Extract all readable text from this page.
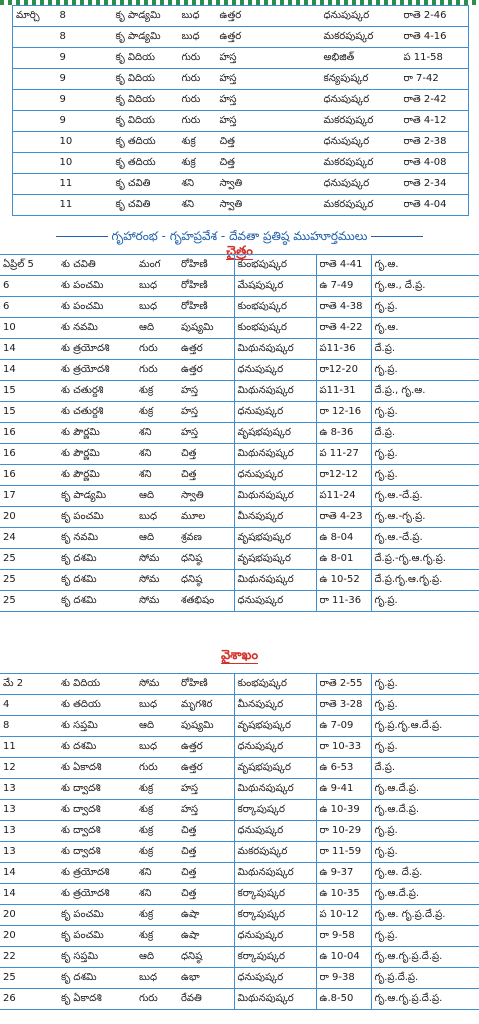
మార్చి	8	కృ పాడ్యమి	బుధ	ఉత్తర	ధనుపుష్కర	రాతె 2-46
	8	కృ పాడ్యమి	బుధ	ఉత్తర	మకరపుష్కర	రాతె 4-16
	9	కృ విదియ	గురు	హస్త	అభిజిత్	ప 11-58
	9	కృ విదియ	గురు	హస్త	కన్యపుష్కర	రా 7-42
	9	కృ విదియ	గురు	హస్త	ధనుపుష్కర	రాతె 2-42
	9	కృ విదియ	గురు	హస్త	మకరపుష్కర	రాతె 4-12
	10	కృ తదియ	శుక్ర	చిత్త	ధనుపుష్కర	రాతె 2-38
	10	కృ తదియ	శుక్ర	చిత్త	మకరపుష్కర	రాతె 4-08
	11	కృ చవితి	శని	స్వాతి	ధనుపుష్కర	రాతె 2-34
	11	కృ చవితి	శని	స్వాతి	మకరపుష్కర	రాతె 4-04
గృహారంభ - గృహప్రవేశ - దేవతా ప్రతిష్ఠ ముహూర్తములు
చైత్రం
ఏప్రిల్ 5	శు చవితి	మంగ	రోహిణి	కుంభపుష్కర	రాతె 4-41	గృ.ఆ.
6	శు పంచమి	బుధ	రోహిణి	మేషపుష్కర	ఉ 7-49	గృ.ఆ., దే.ప్ర.
6	శు పంచమి	బుధ	రోహిణి	కుంభపుష్కర	రాతె 4-38	గృ.ప్ర.
10	శు నవమి	ఆది	పుష్యమి	కుంభపుష్కర	రాతె 4-22	గృ.ఆ.
14	శు త్రయోదశి	గురు	ఉత్తర	మిథునపుష్కర	ప11-36	దే.ప్ర.
14	శు త్రయోదశి	గురు	ఉత్తర	ధనుపుష్కర	రా12-20	గృ.ప్ర.
15	శు చతుర్దశి	శుక్ర	హస్త	మిథునపుష్కర	ప11-31	దే.ప్ర., గృ.ఆ.
15	శు చతుర్దశి	శుక్ర	హస్త	ధనుపుష్కర	రా 12-16	గృ.ప్ర.
16	శు పౌర్ణమి	శని	హస్త	వృషభపుష్కర	ఉ 8-36	దే.ప్ర.
16	శు పౌర్ణమి	శని	చిత్త	మిథునపుష్కర	ప 11-27	గృ.ప్ర.
16	శు పౌర్ణమి	శని	చిత్త	ధనుపుష్కర	రా12-12	గృ.ప్ర.
17	కృ పాడ్యమి	ఆది	స్వాతి	మిథునపుష్కర	ప11-24	గృ.ఆ.-దే.ప్ర.
20	కృ పంచమి	బుధ	మూల	మీనపుష్కర	రాతె 4-23	గృ.ఆ.-గృ.ప్ర.
24	కృ నవమి	ఆది	శ్రవణ	వృషభపుష్కర	ఉ 8-04	గృ.ఆ.-దే.ప్ర.
25	కృ దశమి	సోమ	ధనిష్ఠ	వృషభపుష్కర	ఉ 8-01	దే.ప్ర.-గృ.ఆ.గృ.ప్ర.
25	కృ దశమి	సోమ	ధనిష్ఠ	మిథునపుష్కర	ఉ 10-52	దే.ప్ర.గృ.ఆ.గృ.ప్ర.
25	కృ దశమి	సోమ	శతభిషం	ధనుపుష్కర	రా 11-36	గృ.ప్ర.
వైశాఖం
మే 2	శు విదియ	సోమ	రోహిణి	కుంభపుష్కర	రాతె 2-55	గృ.ప్ర.
4	శు తదియ	బుధ	మృగశిర	మీనపుష్కర	రాతె 3-28	గృ.ప్ర.
8	శు సప్తమి	ఆది	పుష్యమి	వృషభపుష్కర	ఉ 7-09	గృ.ప్ర.గృ.ఆ.దే.ప్ర.
11	శు దశమి	బుధ	ఉత్తర	ధనుపుష్కర	రా 10-33	గృ.ప్ర.
12	శు ఏకాదశి	గురు	ఉత్తర	వృషభపుష్కర	ఉ 6-53	దే.ప్ర.
13	శు ద్వాదశి	శుక్ర	హస్త	మిథునపుష్కర	ఉ 9-41	గృ.ఆ.దే.ప్ర.
13	శు ద్వాదశి	శుక్ర	హస్త	కర్కాపుష్కర	ఉ 10-39	గృ.ఆ.దే.ప్ర.
13	శు ద్వాదశి	శుక్ర	చిత్త	ధనుపుష్కర	రా 10-29	గృ.ప్ర.
13	శు ద్వాదశి	శుక్ర	చిత్త	మకరపుష్కర	రా 11-59	గృ.ప్ర.
14	శు త్రయోదశి	శని	చిత్త	మిథునపుష్కర	ఉ 9-37	గృ.ఆ. దే.ప్ర.
14	శు త్రయోదశి	శని	చిత్త	కర్కాపుష్కర	ఉ 10-35	గృ.ఆ.దే.ప్ర.
20	కృ పంచమి	శుక్ర	ఉషా	కర్కాపుష్కర	ప 10-12	గృ.ఆ. గృ.ప్ర.దే.ప్ర.
20	కృ పంచమి	శుక్ర	ఉషా	ధనుపుష్కర	రా 9-58	గృ.ప్ర.
22	కృ సప్తమి	ఆది	ధనిష్ఠ	కర్కాపుష్కర	ఉ 10-04	గృ.ఆ.గృ.ప్ర.దే.ప్ర.
25	కృ దశమి	బుధ	ఉభా	ధనుపుష్కర	రా 9-38	గృ.ప్ర.దే.ప్ర.
26	కృ ఏకాదశి	గురు	రేవతి	మిథునపుష్కర	ఉ.8-50	గృ.ఆ.గృ.ప్ర.దే.ప్ర.
